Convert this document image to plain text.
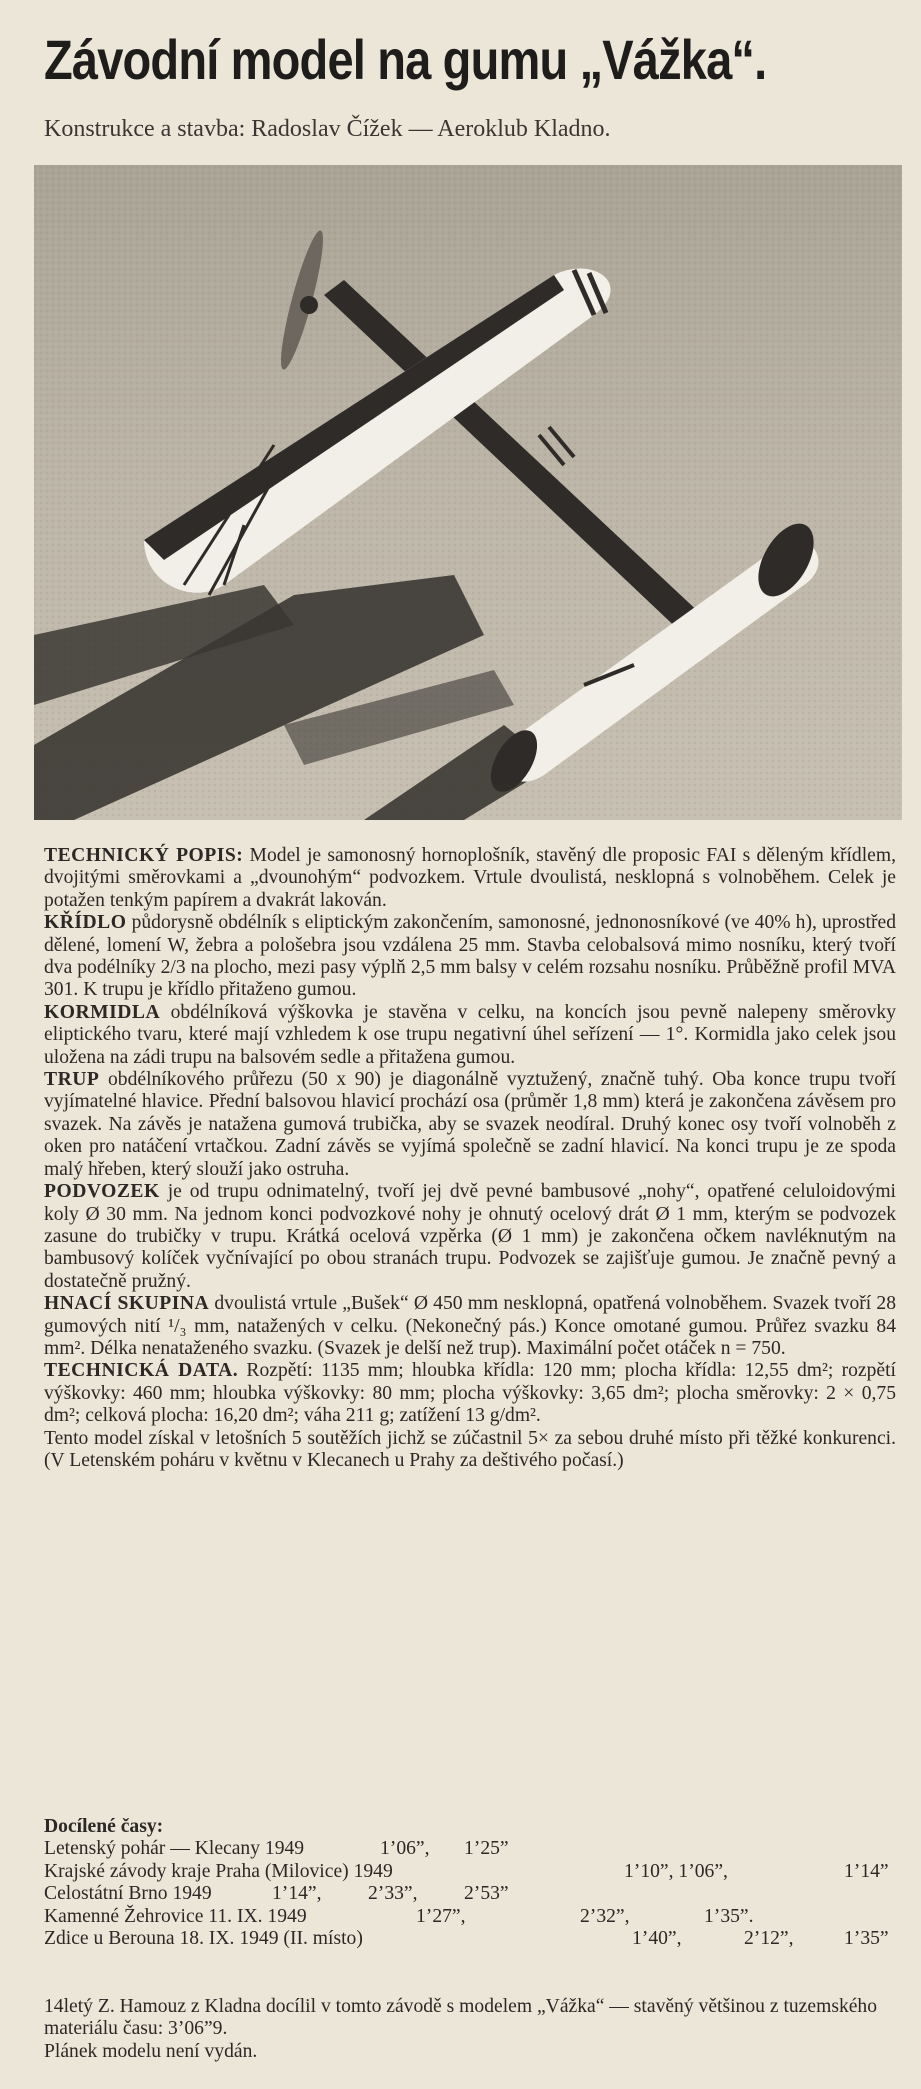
Závodní model na gumu „Vážka“.
Konstrukce a stavba: Radoslav Čížek — Aeroklub Kladno.

TECHNICKÝ POPIS: Model je samonosný hornoplošník, stavěný dle proposic FAI s děleným křídlem, dvojitými směrovkami a „dvounohým“ podvozkem. Vrtule dvoulistá, nesklopná s volnoběhem. Celek je potažen tenkým papírem a dvakrát lakován.

KŘÍDLO půdorysně obdélník s eliptickým zakončením, samonosné, jednonosníkové (ve 40% h), uprostřed dělené, lomení W, žebra a pološebra jsou vzdálena 25 mm. Stavba celobalsová mimo nosníku, který tvoří dva podélníky 2/3 na plocho, mezi pasy výplň 2,5 mm balsy v celém rozsahu nosníku. Průběžně profil MVA 301. K trupu je křídlo přitaženo gumou.

KORMIDLA obdélníková výškovka je stavěna v celku, na koncích jsou pevně nalepeny směrovky eliptického tvaru, které mají vzhledem k ose trupu negativní úhel seřízení — 1°. Kormidla jako celek jsou uložena na zádi trupu na balsovém sedle a přitažena gumou.

TRUP obdélníkového průřezu (50 x 90) je diagonálně vyztužený, značně tuhý. Oba konce trupu tvoří vyjímatelné hlavice. Přední balsovou hlavicí prochází osa (průměr 1,8 mm) která je zakončena závěsem pro svazek. Na závěs je natažena gumová trubička, aby se svazek neodíral. Druhý konec osy tvoří volnoběh z oken pro natáčení vrtačkou. Zadní závěs se vyjímá společně se zadní hlavicí. Na konci trupu je ze spoda malý hřeben, který slouží jako ostruha.

PODVOZEK je od trupu odnimatelný, tvoří jej dvě pevné bambusové „nohy“, opatřené celuloidovými koly Ø 30 mm. Na jednom konci podvozkové nohy je ohnutý ocelový drát Ø 1 mm, kterým se podvozek zasune do trubičky v trupu. Krátká ocelová vzpěrka (Ø 1 mm) je zakončena očkem navléknutým na bambusový kolíček vyčnívající po obou stranách trupu. Podvozek se zajišťuje gumou. Je značně pevný a dostatečně pružný.

HNACÍ SKUPINA dvoulistá vrtule „Bušek“ Ø 450 mm nesklopná, opatřená volnoběhem. Svazek tvoří 28 gumových nití ¹/₃ mm, natažených v celku. (Nekonečný pás.) Konce omotané gumou. Průřez svazku 84 mm². Délka nenataženého svazku. (Svazek je delší než trup). Maximální počet otáček n = 750.

TECHNICKÁ DATA. Rozpětí: 1135 mm; hloubka křídla: 120 mm; plocha křídla: 12,55 dm²; rozpětí výškovky: 460 mm; hloubka výškovky: 80 mm; plocha výškovky: 3,65 dm²; plocha směrovky: 2 × 0,75 dm²; celková plocha: 16,20 dm²; váha 211 g; zatížení 13 g/dm².

Tento model získal v letošních 5 soutěžích jichž se zúčastnil 5× za sebou druhé místo při těžké konkurenci. (V Letenském poháru v květnu v Klecanech u Prahy za deštivého počasí.)

Docílené časy:

Letenský pohár — Klecany 1949	1’06”, 1’25”
Krajské závody kraje Praha (Milovice) 1949	1’10”, 1’06”,	1’14”
Celostátní Brno 1949	1’14”, 2’33”, 2’53”
Kamenné Žehrovice 11. IX. 1949	1’27”,	2’32”,	1’35”.
Zdice u Berouna 18. IX. 1949 (II. místo)	1’40”,	2’12”,	1’35”

14letý Z. Hamouz z Kladna docílil v tomto závodě s modelem „Vážka“ — stavěný většinou z tuzemského materiálu času: 3’06”9.

Plánek modelu není vydán.
